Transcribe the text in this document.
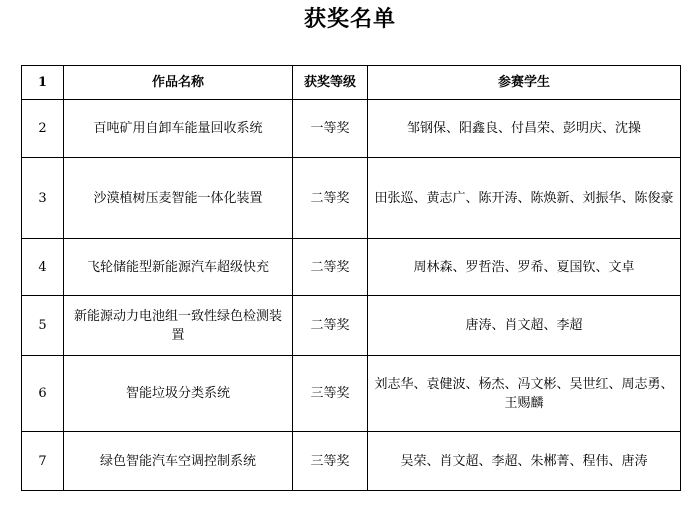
获奖名单
1	作品名称	获奖等级	参赛学生
2	百吨矿用自卸车能量回收系统	一等奖	邹钢保、阳鑫良、付昌荣、彭明庆、沈操
3	沙漠植树压麦智能一体化装置	二等奖	田张巡、黄志广、陈开涛、陈焕新、刘振华、陈俊豪
4	飞轮储能型新能源汽车超级快充	二等奖	周林森、罗哲浩、罗希、夏国钦、文卓
5	新能源动力电池组一致性绿色检测装置	二等奖	唐涛、肖文超、李超
6	智能垃圾分类系统	三等奖	刘志华、袁健波、杨杰、冯文彬、吴世红、周志勇、王赐麟
7	绿色智能汽车空调控制系统	三等奖	吴荣、肖文超、李超、朱郴菁、程伟、唐涛
